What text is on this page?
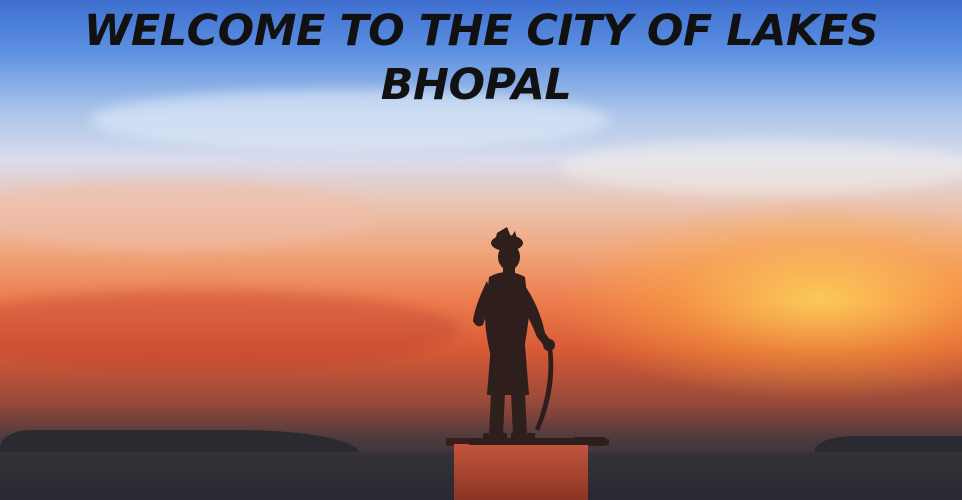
WELCOME TO THE CITY OF LAKES
BHOPAL
